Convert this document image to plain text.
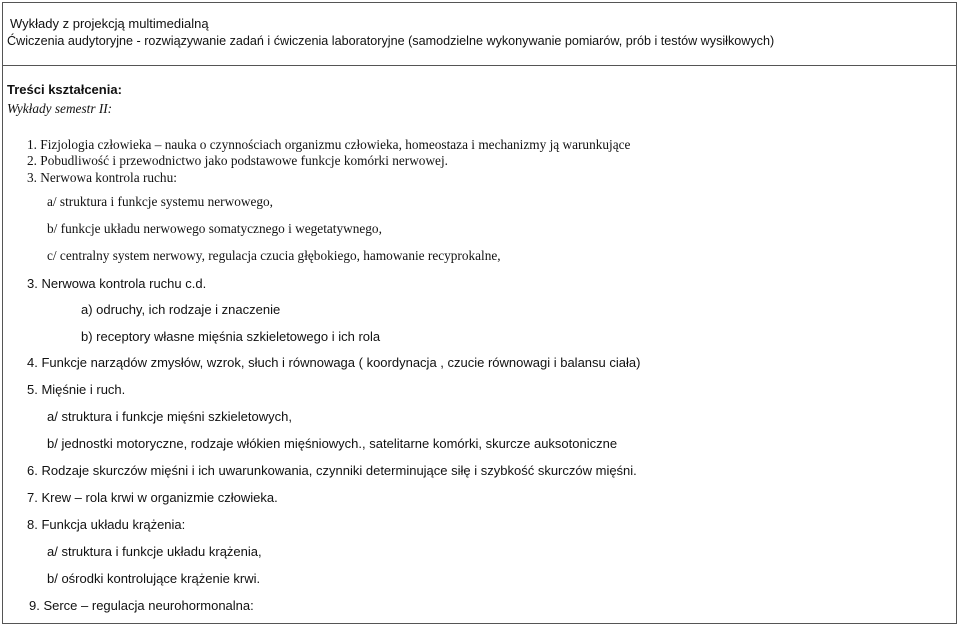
Wykłady z projekcją multimedialną
Ćwiczenia audytoryjne - rozwiązywanie zadań i ćwiczenia laboratoryjne (samodzielne wykonywanie pomiarów, prób i testów wysiłkowych)
Treści kształcenia:
Wykłady semestr II:
1. Fizjologia człowieka – nauka o czynnościach organizmu człowieka, homeostaza i mechanizmy ją warunkujące
2. Pobudliwość i przewodnictwo jako podstawowe funkcje komórki nerwowej.
3. Nerwowa kontrola ruchu:
a/ struktura i funkcje systemu nerwowego,
b/ funkcje układu nerwowego somatycznego i wegetatywnego,
c/ centralny system nerwowy, regulacja czucia głębokiego, hamowanie recyprokalne,
3. Nerwowa kontrola ruchu c.d.
a) odruchy, ich rodzaje i znaczenie
b) receptory własne mięśnia szkieletowego i ich rola
4. Funkcje narządów zmysłów, wzrok, słuch i równowaga ( koordynacja , czucie równowagi i balansu ciała)
5. Mięśnie i ruch.
a/ struktura i funkcje mięśni szkieletowych,
b/ jednostki motoryczne, rodzaje włókien mięśniowych., satelitarne komórki, skurcze auksotoniczne
6. Rodzaje skurczów mięśni i ich uwarunkowania, czynniki determinujące siłę i szybkość skurczów mięśni.
7. Krew – rola krwi w organizmie człowieka.
8. Funkcja układu krążenia:
a/ struktura i funkcje układu krążenia,
b/ ośrodki kontrolujące krążenie krwi.
9. Serce – regulacja neurohormonalna:
